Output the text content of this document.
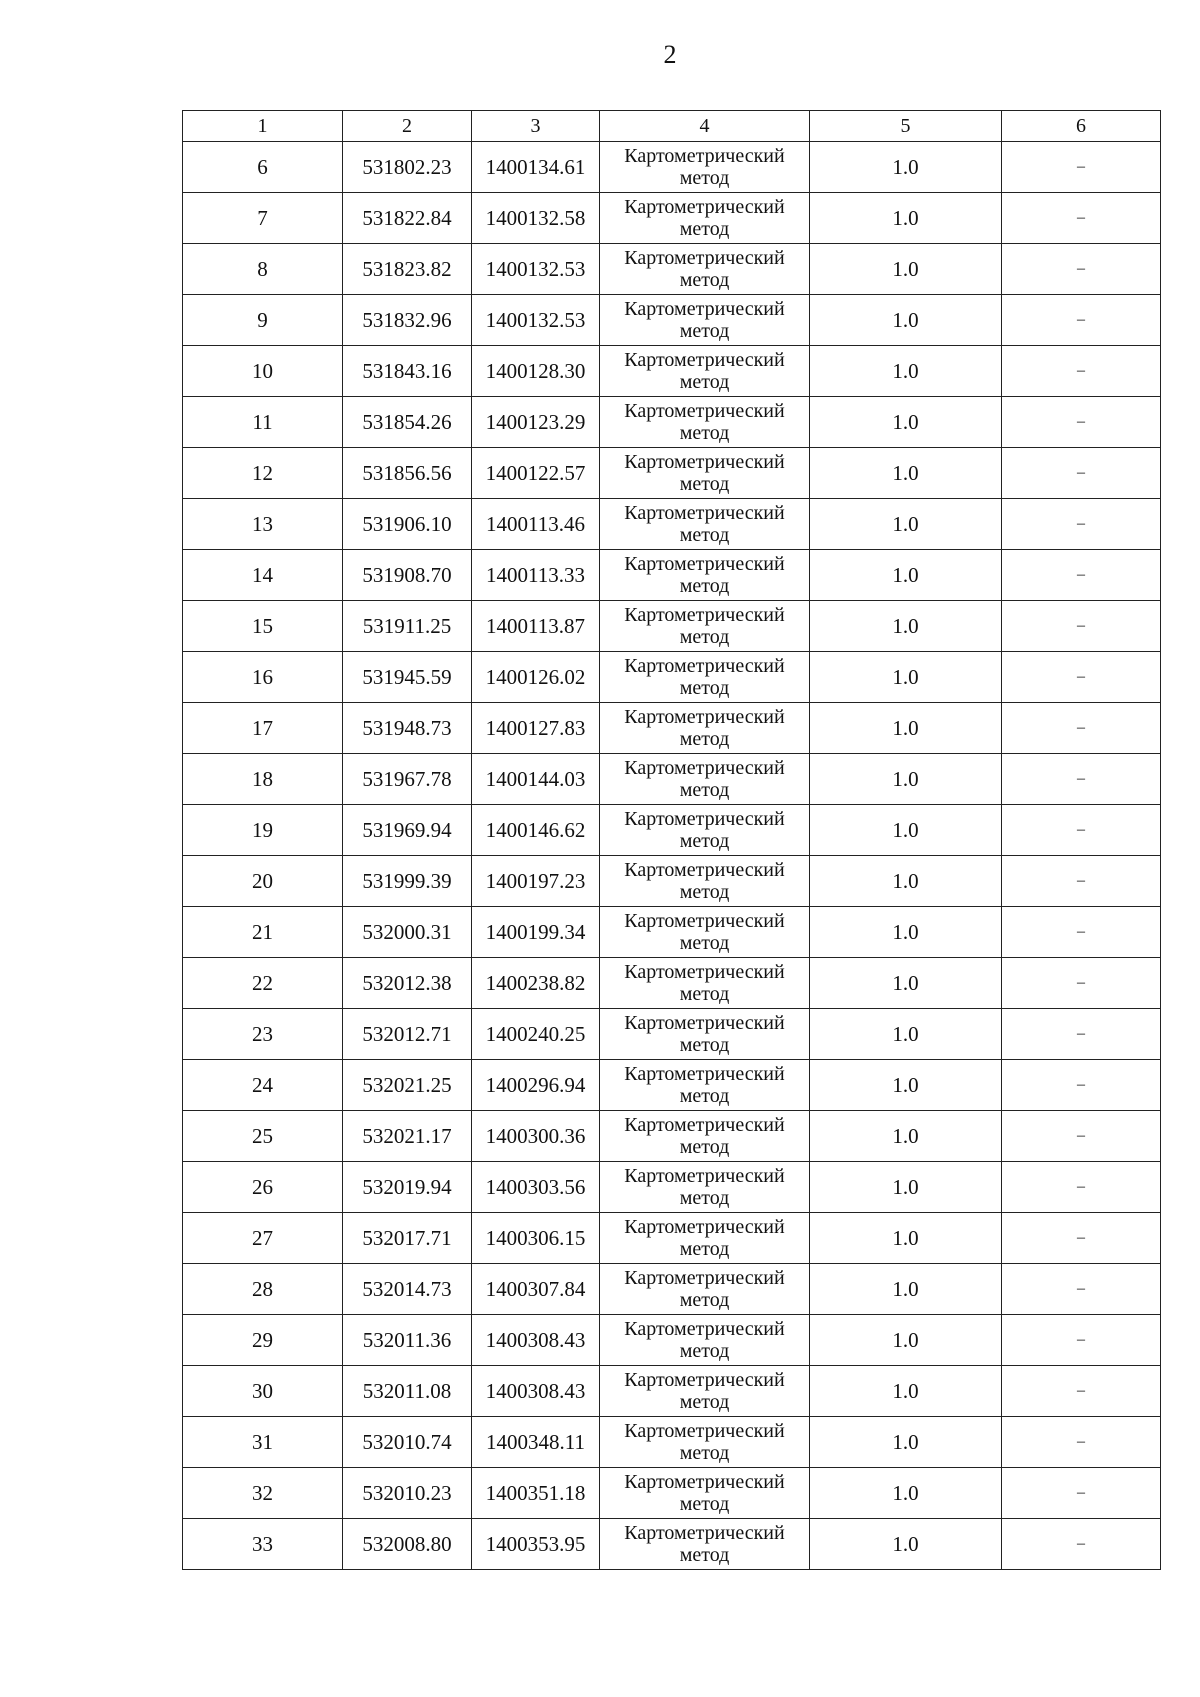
2
1	2	3	4	5	6
6	531802.23	1400134.61	Картометрический метод	1.0	–
7	531822.84	1400132.58	Картометрический метод	1.0	–
8	531823.82	1400132.53	Картометрический метод	1.0	–
9	531832.96	1400132.53	Картометрический метод	1.0	–
10	531843.16	1400128.30	Картометрический метод	1.0	–
11	531854.26	1400123.29	Картометрический метод	1.0	–
12	531856.56	1400122.57	Картометрический метод	1.0	–
13	531906.10	1400113.46	Картометрический метод	1.0	–
14	531908.70	1400113.33	Картометрический метод	1.0	–
15	531911.25	1400113.87	Картометрический метод	1.0	–
16	531945.59	1400126.02	Картометрический метод	1.0	–
17	531948.73	1400127.83	Картометрический метод	1.0	–
18	531967.78	1400144.03	Картометрический метод	1.0	–
19	531969.94	1400146.62	Картометрический метод	1.0	–
20	531999.39	1400197.23	Картометрический метод	1.0	–
21	532000.31	1400199.34	Картометрический метод	1.0	–
22	532012.38	1400238.82	Картометрический метод	1.0	–
23	532012.71	1400240.25	Картометрический метод	1.0	–
24	532021.25	1400296.94	Картометрический метод	1.0	–
25	532021.17	1400300.36	Картометрический метод	1.0	–
26	532019.94	1400303.56	Картометрический метод	1.0	–
27	532017.71	1400306.15	Картометрический метод	1.0	–
28	532014.73	1400307.84	Картометрический метод	1.0	–
29	532011.36	1400308.43	Картометрический метод	1.0	–
30	532011.08	1400308.43	Картометрический метод	1.0	–
31	532010.74	1400348.11	Картометрический метод	1.0	–
32	532010.23	1400351.18	Картометрический метод	1.0	–
33	532008.80	1400353.95	Картометрический метод	1.0	–
